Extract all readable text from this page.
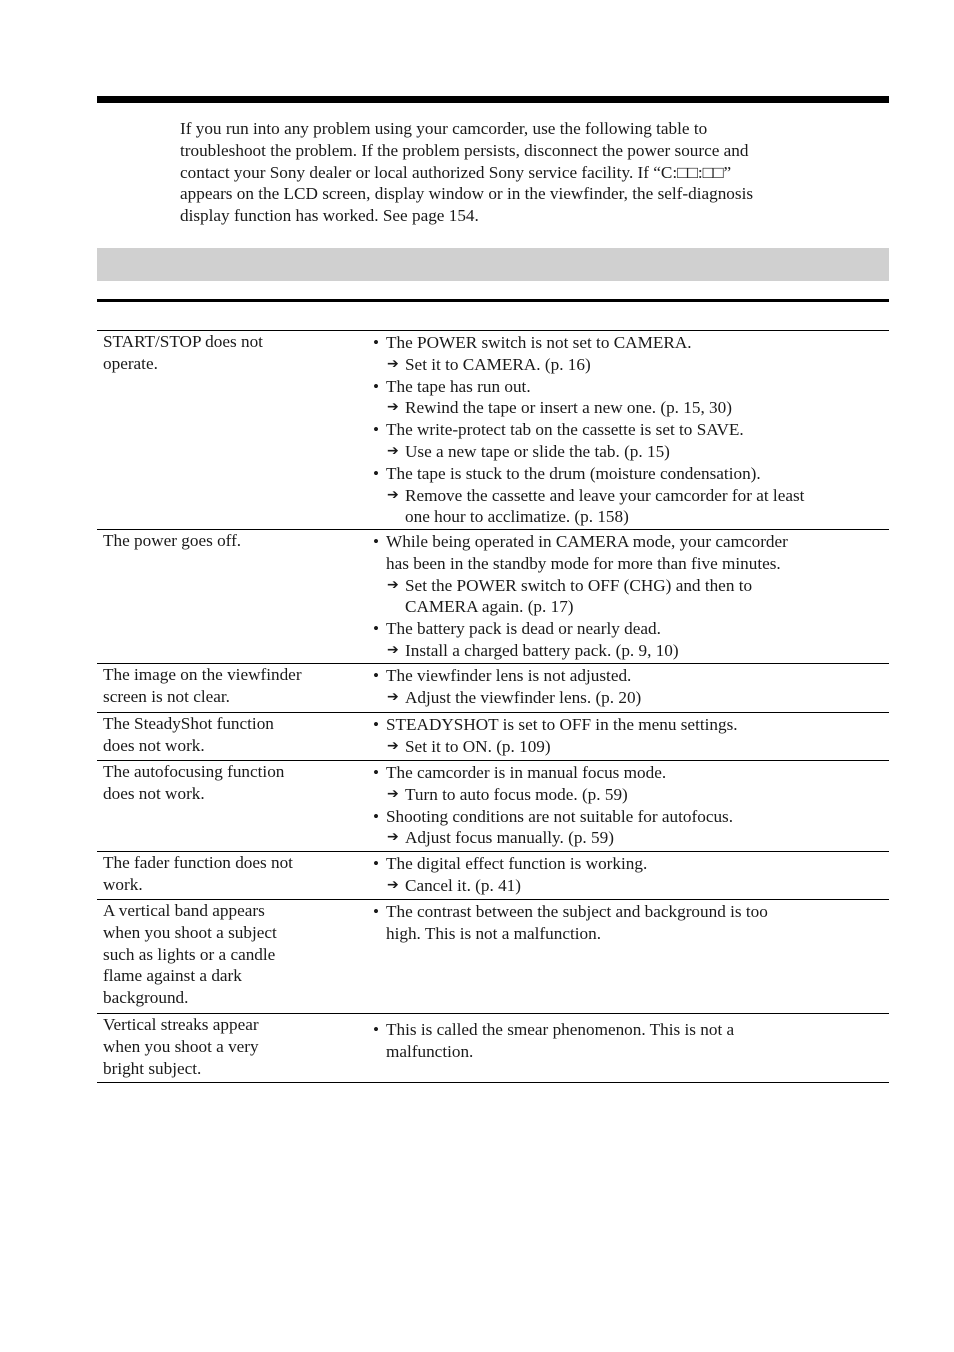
If you run into any problem using your camcorder, use the following table to
troubleshoot the problem. If the problem persists, disconnect the power source and
contact your Sony dealer or local authorized Sony service facility. If “C:□□:□□”
appears on the LCD screen, display window or in the viewfinder, the self-diagnosis
display function has worked. See page 154.

START/STOP does not
operate.

• The POWER switch is not set to CAMERA.
➔ Set it to CAMERA. (p. 16)
• The tape has run out.
➔ Rewind the tape or insert a new one. (p. 15, 30)
• The write-protect tab on the cassette is set to SAVE.
➔ Use a new tape or slide the tab. (p. 15)
• The tape is stuck to the drum (moisture condensation).
➔ Remove the cassette and leave your camcorder for at least
one hour to acclimatize. (p. 158)

The power goes off.	• While being operated in CAMERA mode, your camcorder
has been in the standby mode for more than five minutes.
➔ Set the POWER switch to OFF (CHG) and then to
CAMERA again. (p. 17)
• The battery pack is dead or nearly dead.
➔ Install a charged battery pack. (p. 9, 10)

The image on the viewfinder
screen is not clear.

• The viewfinder lens is not adjusted.
➔ Adjust the viewfinder lens. (p. 20)

The SteadyShot function
does not work.

• STEADYSHOT is set to OFF in the menu settings.
➔ Set it to ON. (p. 109)

The autofocusing function
does not work.

• The camcorder is in manual focus mode.
➔ Turn to auto focus mode. (p. 59)
• Shooting conditions are not suitable for autofocus.
➔ Adjust focus manually. (p. 59)

The fader function does not
work.

• The digital effect function is working.
➔ Cancel it. (p. 41)

A vertical band appears
when you shoot a subject
such as lights or a candle
flame against a dark
background.

• The contrast between the subject and background is too
high. This is not a malfunction.

Vertical streaks appear
when you shoot a very
bright subject.

• This is called the smear phenomenon. This is not a
malfunction.
